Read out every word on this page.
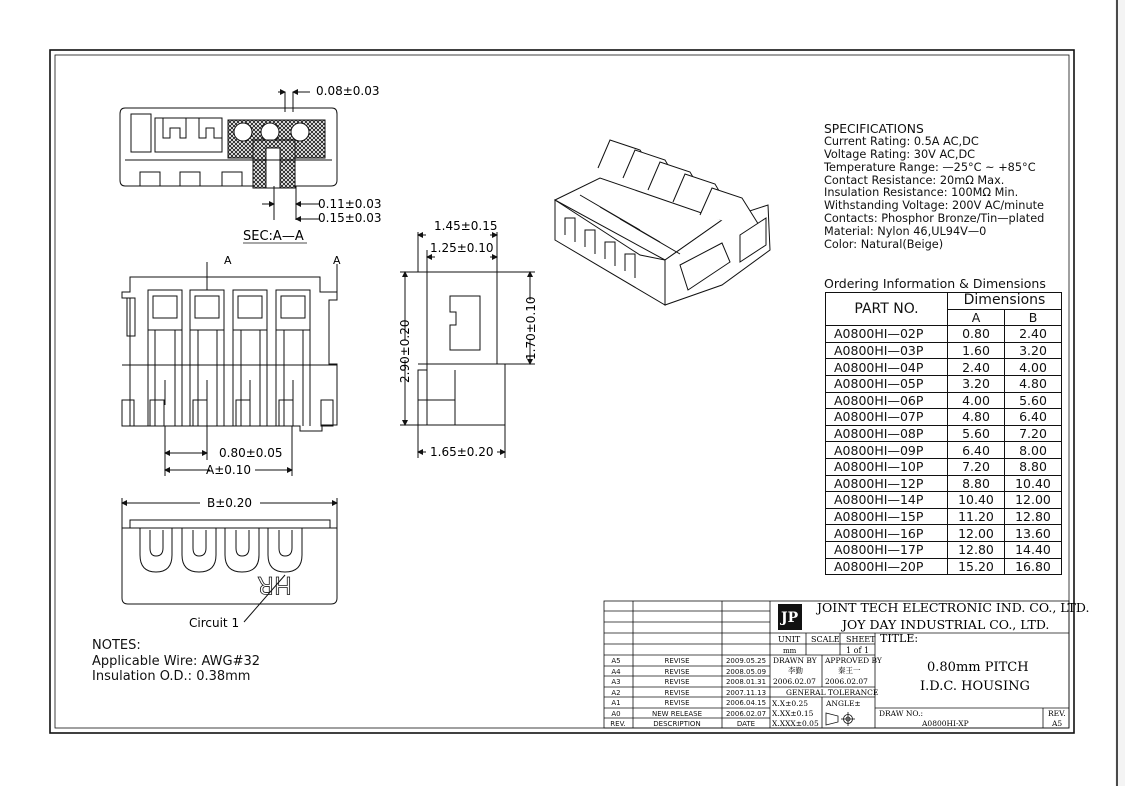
0.08±0.03
0.11±0.03
0.15±0.03
SEC:A—A
A	A
0.80±0.05
A±0.10
1.45±0.15
1.25±0.10
2.90±0.20	1.70±0.10
1.65±0.20
B±0.20
HR
Circuit 1	JP
JOINT TECH ELECTRONIC IND. CO., LTD.
JOY DAY INDUSTRIAL CO., LTD.
UNIT
mm
SCALE SHEET
1 of 1
TITLE:
0.80mm PITCH
I.D.C. HOUSING
DRAWN BY
李勤
2006.02.07
APPROVED BY
秦王一
2006.02.07
GENERAL TOLERANCE
X.X±0.25
X.XX±0.15
X.XXX±0.05
ANGLE±
DRAW NO.:
A0800HI-XP
REV.
A5
A5	REVISE	2009.05.25
A4	REVISE	2008.05.09
A3	REVISE	2008.01.31
A2	REVISE	2007.11.13
A1	REVISE	2006.04.15
A0	NEW RELEASE	2006.02.07
REV.	DESCRIPTION	DATE
SPECIFICATIONS
Current Rating: 0.5A AC,DC
Voltage Rating: 30V AC,DC
Temperature Range: —25°C ~ +85°C
Contact Resistance: 20mΩ Max.
Insulation Resistance: 100MΩ Min.
Withstanding Voltage: 200V AC/minute
Contacts: Phosphor Bronze/Tin—plated
Material: Nylon 46,UL94V—0
Color: Natural(Beige)
Ordering Information & Dimensions
PART NO.	Dimensions	
	A	B
A0800HI—02P	0.80	2.40
A0800HI—03P	1.60	3.20
A0800HI—04P	2.40	4.00
A0800HI—05P	3.20	4.80
A0800HI—06P	4.00	5.60
A0800HI—07P	4.80	6.40
A0800HI—08P	5.60	7.20
A0800HI—09P	6.40	8.00
A0800HI—10P	7.20	8.80
A0800HI—12P	8.80	10.40
A0800HI—14P	10.40	12.00
A0800HI—15P	11.20	12.80
A0800HI—16P	12.00	13.60
A0800HI—17P	12.80	14.40
A0800HI—20P	15.20	16.80
NOTES:
Applicable Wire: AWG#32
Insulation O.D.: 0.38mm
